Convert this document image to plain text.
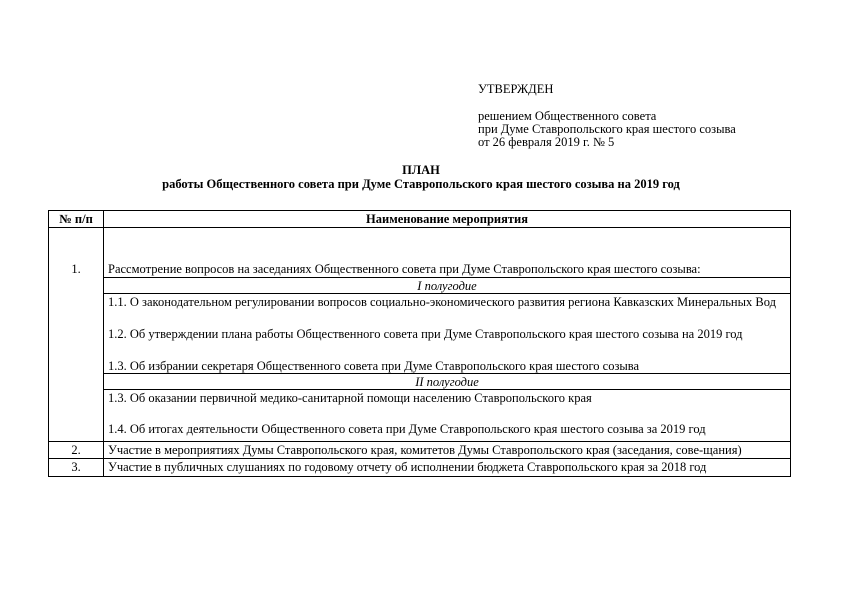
УТВЕРЖДЕН
решением Общественного совета
при Думе Ставропольского края шестого созыва
от 26 февраля 2019 г. № 5
ПЛАН
работы Общественного совета при Думе Ставропольского края шестого созыва на 2019 год
№ п/п	Наименование мероприятия
1.	Рассмотрение вопросов на заседаниях Общественного совета при Думе Ставропольского края шестого созыва:
	I полугодие

	1.1. О законодательном регулировании вопросов социально-экономического развития региона Кавказских Минеральных Вод
1.2. Об утверждении плана работы Общественного совета при Думе Ставропольского края шестого созыва на 2019 год
1.3. Об избрании секретаря Общественного совета при Думе Ставропольского края шестого созыва

	II полугодие

	1.3. Об оказании первичной медико-санитарной помощи населению Ставропольского края
1.4. Об итогах деятельности Общественного совета при Думе Ставропольского края шестого созыва за 2019 год

2.	Участие в мероприятиях Думы Ставропольского края, комитетов Думы Ставропольского края (заседания, сове-щания)
3.	Участие в публичных слушаниях по годовому отчету об исполнении бюджета Ставропольского края за 2018 год
